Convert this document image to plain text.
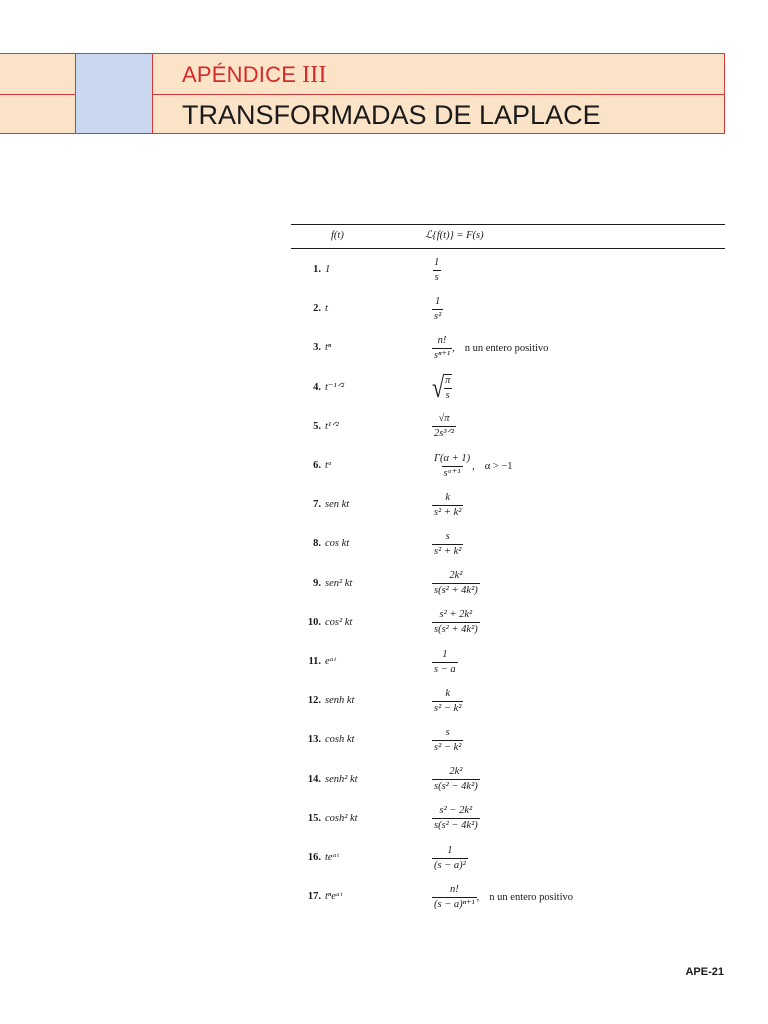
APÉNDICE III
TRANSFORMADAS DE LAPLACE
f(t)	ℒ{f(t)} = F(s)
1. 1	$\frac{1}{s}$
2. t	$\frac{1}{\text{s²}}$
3. tⁿ	$\frac{n!}{\text{sⁿ⁺¹}}$ , n un entero positivo
4. t⁻¹ᐟ²	√ $\frac{\pi}{s}$
5. t¹ᐟ²	$\frac{√\pi}{\text{2s³ᐟ²}}$
6. tᵅ	$\frac{\Gamma(\alpha + 1)}{\text{sᵅ⁺¹}}$ , α > −1
7. sen kt	$\frac{k}{\text{s² + k²}}$
8. cos kt	$\frac{s}{\text{s² + k²}}$
9. sen² kt	$\frac{\text{2k²}}{\text{s(s² + 4k²)}}$
10. cos² kt	$\frac{\text{s² + 2k²}}{\text{s(s² + 4k²)}}$
11. eᵃᵗ	$\frac{1}{s - a}$
12. senh kt	$\frac{k}{\text{s² − k²}}$
13. cosh kt	$\frac{s}{\text{s² − k²}}$
14. senh² kt	$\frac{\text{2k²}}{\text{s(s² − 4k²)}}$
15. cosh² kt	$\frac{\text{s² − 2k²}}{\text{s(s² − 4k²)}}$
16. teᵃᵗ	$\frac{1}{\text{(s − a)²}}$
17. tⁿeᵃᵗ	$\frac{n!}{\text{(s − a)ⁿ⁺¹}}$ , n un entero positivo
APE-21
